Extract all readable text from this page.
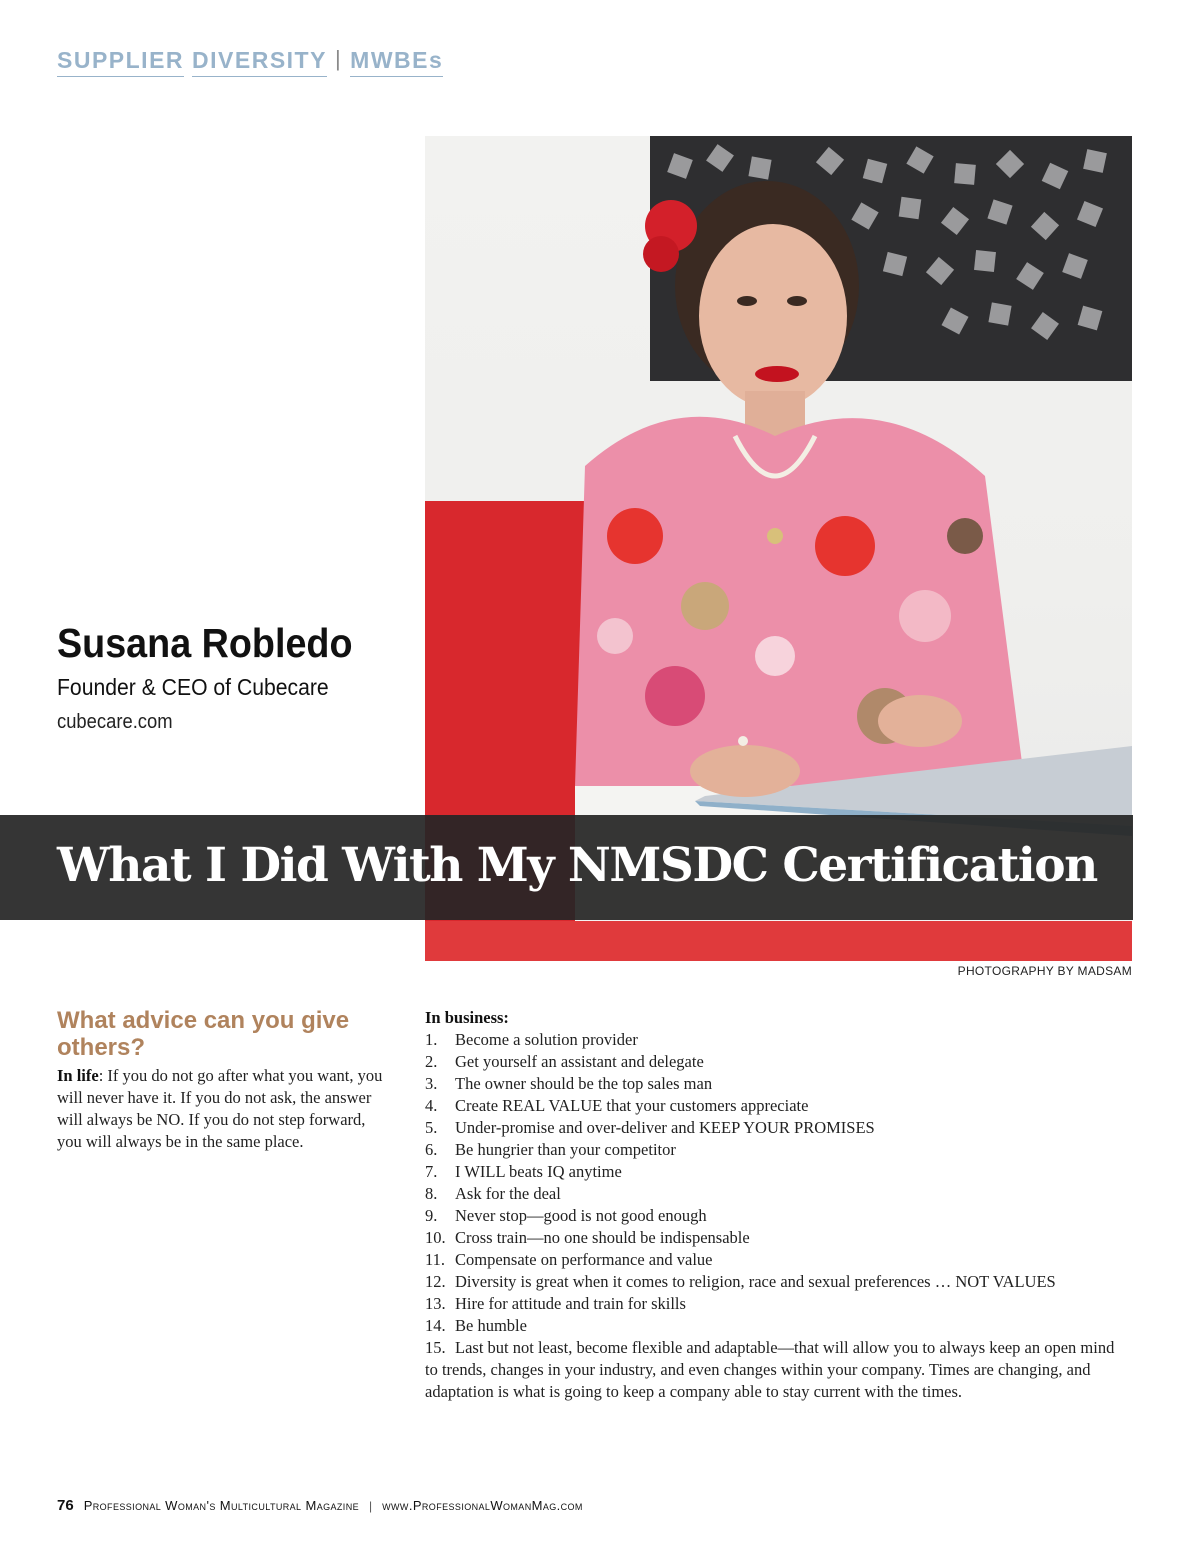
SUPPLIER DIVERSITY | MWBEs

Susana Robledo

Founder & CEO of Cubecare

cubecare.com

What I Did With My NMSDC Certification
PHOTOGRAPHY BY MADSAM
What advice can you give others?

In life: If you do not go after what you want, you will never have it. If you do not ask, the answer will always be NO. If you do not step forward, you will always be in the same place.

In business:

1.	Become a solution provider
2.	Get yourself an assistant and delegate
3.	The owner should be the top sales man
4.	Create REAL VALUE that your customers appreciate
5.	Under-promise and over-deliver and KEEP YOUR PROMISES
6.	Be hungrier than your competitor
7.	I WILL beats IQ anytime
8.	Ask for the deal
9.	Never stop—good is not good enough
10. Cross train—no one should be indispensable
11. Compensate on performance and value
12. Diversity is great when it comes to religion, race and sexual preferences … NOT VALUES
13. Hire for attitude and train for skills
14. Be humble

15. Last but not least, become flexible and adaptable—that will allow you to always keep an open mind to trends, changes in your industry, and even changes within your company. Times are changing, and adaptation is what is going to keep a company able to stay current with the times.

76 Professional Woman's Multicultural Magazine | www.ProfessionalWomanMag.com
